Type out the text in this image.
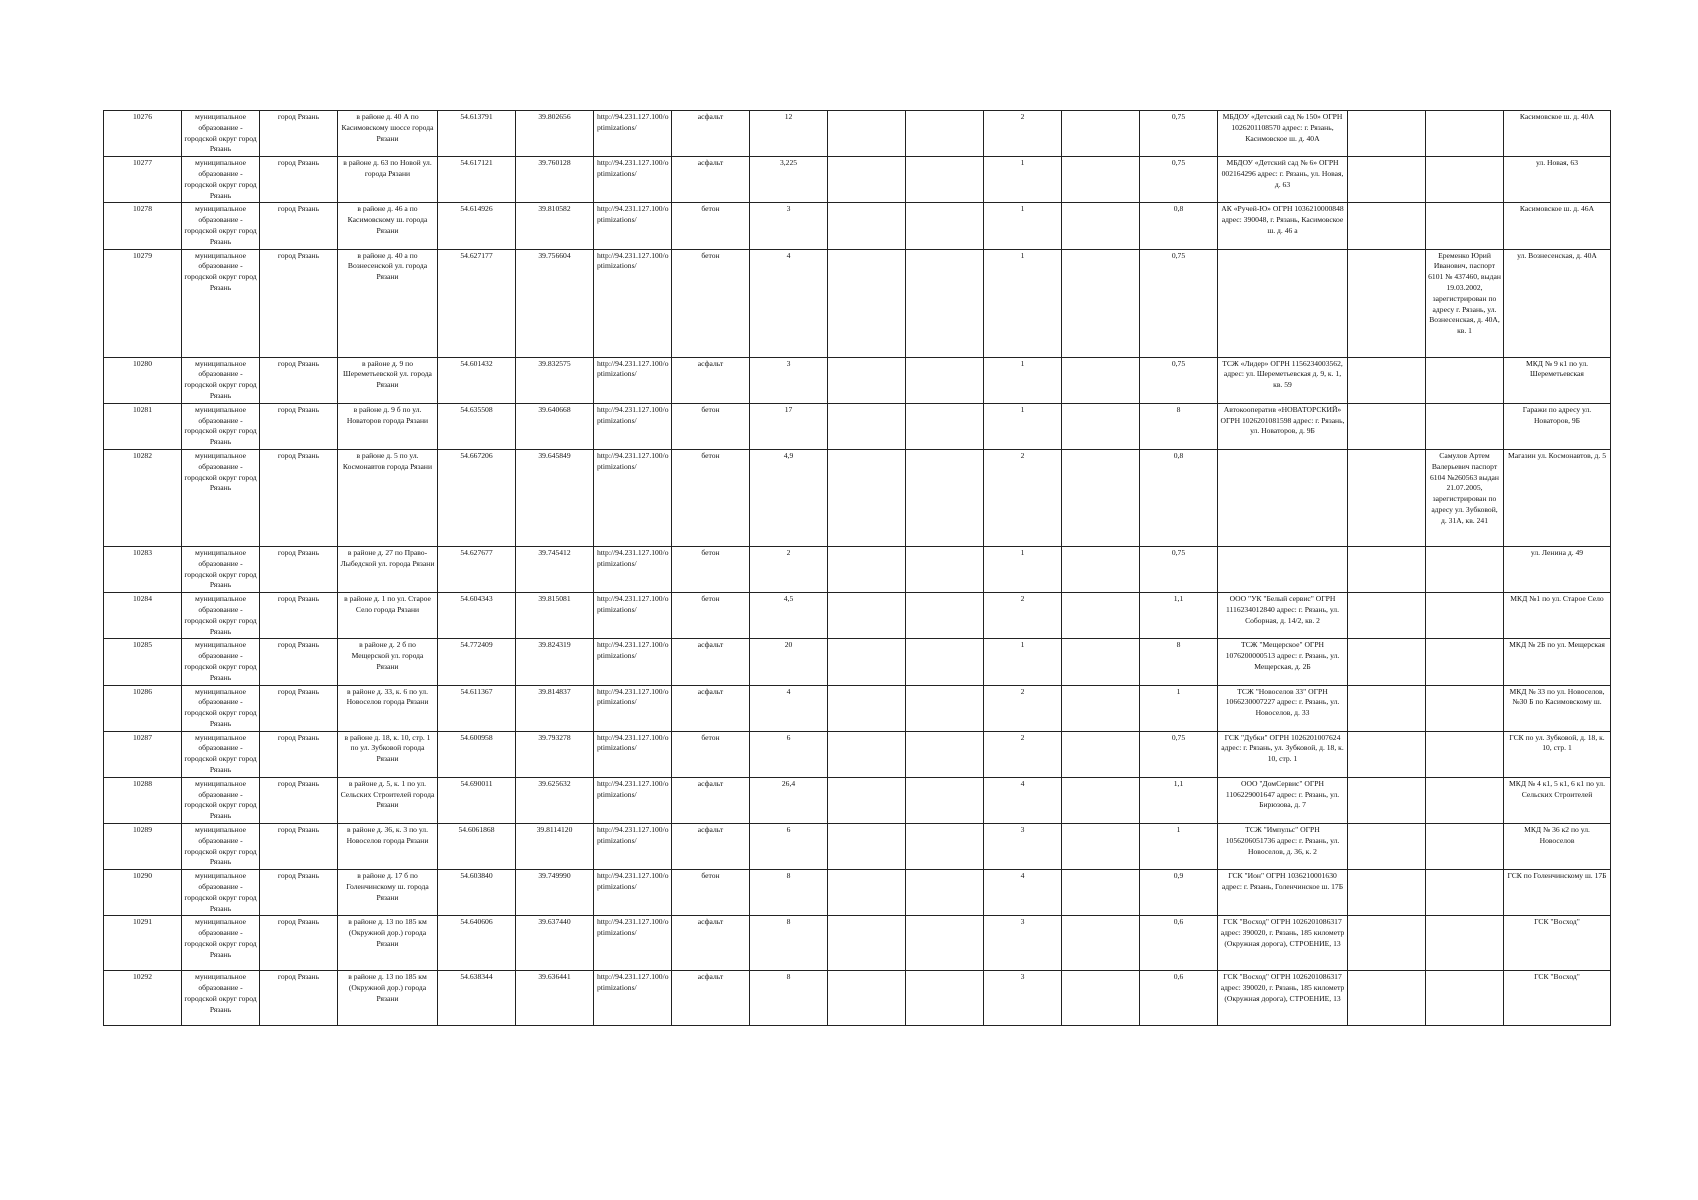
10276	муниципальное образование - городской округ город Рязань	город Рязань	в районе д. 40 А по Касимовскому шоссе города Рязани	54.613791	39.802656	http://94.231.127.100/optimizations/	асфальт	12			2		0,75	МБДОУ «Детский сад № 150» ОГРН 1026201108570 адрес: г. Рязань, Касимовское ш. д. 40А			Касимовское ш. д. 40А
10277	муниципальное образование - городской округ город Рязань	город Рязань	в районе д. 63 по Новой ул. города Рязани	54.617121	39.760128	http://94.231.127.100/optimizations/	асфальт	3,225			1		0,75	МБДОУ «Детский сад № 6» ОГРН 002164296 адрес: г. Рязань, ул. Новая, д. 63			ул. Новая, 63
10278	муниципальное образование - городской округ город Рязань	город Рязань	в районе д. 46 а по Касимовскому ш. города Рязани	54.614926	39.810582	http://94.231.127.100/optimizations/	бетон	3			1		0,8	АК «Ручей-Ю» ОГРН 1036210000848 адрес: 390048, г. Рязань, Касимовское ш. д. 46 а			Касимовское ш. д. 46А
10279	муниципальное образование - городской округ город Рязань	город Рязань	в районе д. 40 а по Вознесенской ул. города Рязани	54.627177	39.756604	http://94.231.127.100/optimizations/	бетон	4			1		0,75			Еременко Юрий Иванович, паспорт 6101 № 437460, выдан 19.03.2002, зарегистрирован по адресу г. Рязань, ул. Вознесенская, д. 40А, кв. 1	ул. Вознесенская, д. 40А
10280	муниципальное образование - городской округ город Рязань	город Рязань	в районе д. 9 по Шереметьевской ул. города Рязани	54.601432	39.832575	http://94.231.127.100/optimizations/	асфальт	3			1		0,75	ТСЖ «Лидер» ОГРН 1156234003562, адрес: ул. Шереметьевская д. 9, к. 1, кв. 59			МКД № 9 к1 по ул. Шереметьевская
10281	муниципальное образование - городской округ город Рязань	город Рязань	в районе д. 9 б по ул. Новаторов города Рязани	54.635508	39.640668	http://94.231.127.100/optimizations/	бетон	17			1		8	Автокооператив «НОВАТОРСКИЙ» ОГРН 1026201081598 адрес: г. Рязань, ул. Новаторов, д. 9Б			Гаражи по адресу ул. Новаторов, 9Б
10282	муниципальное образование - городской округ город Рязань	город Рязань	в районе д. 5 по ул. Космонавтов города Рязани	54.667206	39.645849	http://94.231.127.100/optimizations/	бетон	4,9			2		0,8			Самулов Артем Валерьевич паспорт 6104 №260563 выдан 21.07.2005, зарегистрирован по адресу ул. Зубковой, д. 31А, кв. 241	Магазин ул. Космонавтов, д. 5
10283	муниципальное образование - городской округ город Рязань	город Рязань	в районе д. 27 по Право-Лыбедской ул. города Рязани	54.627677	39.745412	http://94.231.127.100/optimizations/	бетон	2			1		0,75				ул. Ленина д. 49
10284	муниципальное образование - городской округ город Рязань	город Рязань	в районе д. 1 по ул. Старое Село города Рязани	54.604343	39.815081	http://94.231.127.100/optimizations/	бетон	4,5			2		1,1	ООО "УК "Белый сервис" ОГРН 1116234012840 адрес: г. Рязань, ул. Соборная, д. 14/2, кв. 2			МКД №1 по ул. Старое Село
10285	муниципальное образование - городской округ город Рязань	город Рязань	в районе д. 2 б по Мещерской ул. города Рязани	54.772409	39.824319	http://94.231.127.100/optimizations/	асфальт	20			1		8	ТСЖ "Мещерское" ОГРН 1076200000513 адрес: г. Рязань, ул. Мещерская, д. 2Б			МКД № 2Б по ул. Мещерская
10286	муниципальное образование - городской округ город Рязань	город Рязань	в районе д. 33, к. 6 по ул. Новоселов города Рязани	54.611367	39.814837	http://94.231.127.100/optimizations/	асфальт	4			2		1	ТСЖ "Новоселов 33" ОГРН 1066230007227 адрес: г. Рязань, ул. Новоселов, д. 33			МКД № 33 по ул. Новоселов, №30 Б по Касимовскому ш.
10287	муниципальное образование - городской округ город Рязань	город Рязань	в районе д. 18, к. 10, стр. 1 по ул. Зубковой города Рязани	54.600958	39.793278	http://94.231.127.100/optimizations/	бетон	6			2		0,75	ГСК "Дубки" ОГРН 1026201007624 адрес: г. Рязань, ул. Зубковой, д. 18, к. 10, стр. 1			ГСК по ул. Зубковой, д. 18, к. 10, стр. 1
10288	муниципальное образование - городской округ город Рязань	город Рязань	в районе д. 5, к. 1 по ул. Сельских Строителей города Рязани	54.690011	39.625632	http://94.231.127.100/optimizations/	асфальт	26,4			4		1,1	ООО "ДомСервис" ОГРН 1106229001647 адрес: г. Рязань, ул. Бирюзова, д. 7			МКД № 4 к1, 5 к1, 6 к1 по ул. Сельских Строителей
10289	муниципальное образование - городской округ город Рязань	город Рязань	в районе д. 36, к. 3 по ул. Новоселов города Рязани	54.6061868	39.8114120	http://94.231.127.100/optimizations/	асфальт	6			3		1	ТСЖ "Импульс" ОГРН 1056206051736 адрес: г. Рязань, ул. Новоселов, д. 36, к. 2			МКД № 36 к2 по ул. Новоселов
10290	муниципальное образование - городской округ город Рязань	город Рязань	в районе д. 17 б по Голенчинскому ш. города Рязани	54.603840	39.749990	http://94.231.127.100/optimizations/	бетон	8			4		0,9	ГСК "Ион" ОГРН 1036210001630 адрес: г. Рязань, Голенчинское ш. 17Б			ГСК по Голенчинскому ш. 17Б
10291	муниципальное образование - городской округ город Рязань	город Рязань	в районе д. 13 по 185 км (Окружной дор.) города Рязани	54.640606	39.637440	http://94.231.127.100/optimizations/	асфальт	8			3		0,6	ГСК "Восход" ОГРН 1026201086317 адрес: 390020, г. Рязань, 185 километр (Окружная дорога), СТРОЕНИЕ, 13			ГСК "Восход"
10292	муниципальное образование - городской округ город Рязань	город Рязань	в районе д. 13 по 185 км (Окружной дор.) города Рязани	54.638344	39.636441	http://94.231.127.100/optimizations/	асфальт	8			3		0,6	ГСК "Восход" ОГРН 1026201086317 адрес: 390020, г. Рязань, 185 километр (Окружная дорога), СТРОЕНИЕ, 13			ГСК "Восход"
